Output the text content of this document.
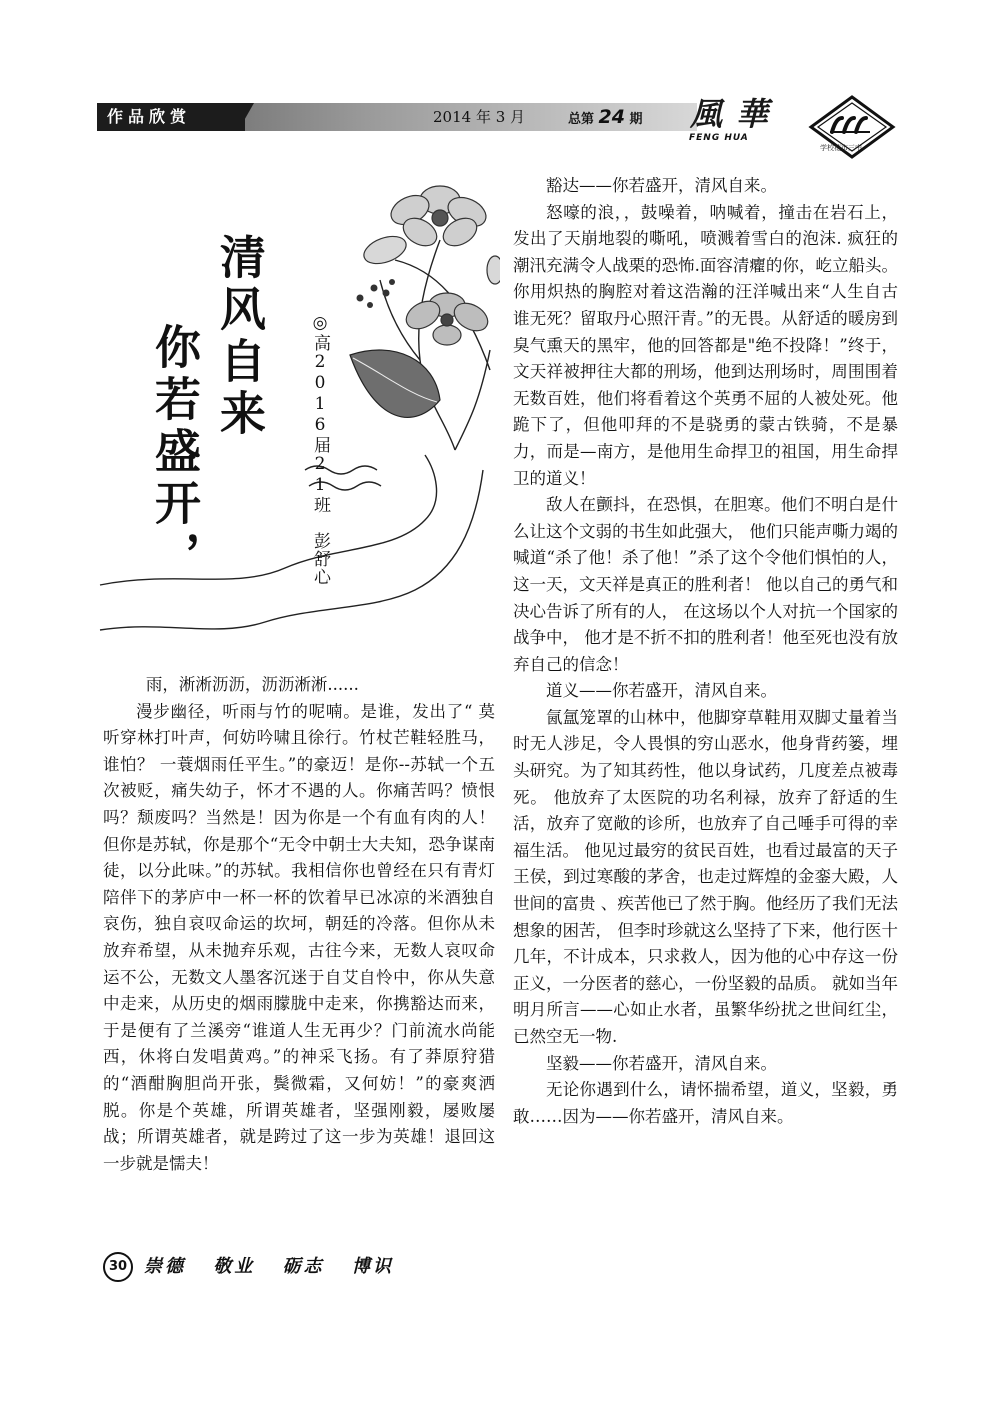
作品欣赏	2014 年 3 月	总第 24 期 風華
FENG HUA
学校花市三中
清风自来
你若盛开，	◎高2016届21班　彭舒心

雨，淅淅沥沥，沥沥淅淅......

漫步幽径，听雨与竹的呢喃。是谁，发出了“ 莫听穿林打叶声，何妨吟啸且徐行。竹杖芒鞋轻胜马，谁怕？ 一蓑烟雨任平生。”的豪迈！是你--苏轼一个五次被贬，痛失幼子，怀才不遇的人。你痛苦吗？愤恨吗？颓废吗？当然是！因为你是一个有血有肉的人！但你是苏轼，你是那个“无令中朝士大夫知，恐争谋南徒，以分此味。”的苏轼。我相信你也曾经在只有青灯陪伴下的茅庐中一杯一杯的饮着早已冰凉的米酒独自哀伤，独自哀叹命运的坎坷，朝廷的冷落。但你从未放弃希望，从未抛弃乐观，古往今来，无数人哀叹命运不公，无数文人墨客沉迷于自艾自怜中，你从失意中走来，从历史的烟雨朦胧中走来，你携豁达而来，于是便有了兰溪旁“谁道人生无再少？门前流水尚能西，休将白发唱黄鸡。”的神采飞扬。有了莽原狩猎的“酒酣胸胆尚开张，鬓微霜，又何妨！”的豪爽洒脱。你是个英雄，所谓英雄者，坚强刚毅，屡败屡战；所谓英雄者，就是跨过了这一步为英雄！退回这一步就是懦夫！

豁达——你若盛开，清风自来。

怒嚎的浪，，鼓噪着，呐喊着，撞击在岩石上，发出了天崩地裂的嘶吼，喷溅着雪白的泡沫. 疯狂的潮汛充满令人战栗的恐怖.面容清癯的你，屹立船头。你用炽热的胸腔对着这浩瀚的汪洋喊出来“人生自古谁无死？留取丹心照汗青。”的无畏。从舒适的暖房到臭气熏天的黑牢，他的回答都是"绝不投降！”终于，文天祥被押往大都的刑场，他到达刑场时，周围围着无数百姓，他们将看着这个英勇不屈的人被处死。他跪下了，但他叩拜的不是骁勇的蒙古铁骑，不是暴力，而是—南方，是他用生命捍卫的祖国，用生命捍卫的道义！

敌人在颤抖，在恐惧，在胆寒。他们不明白是什么让这个文弱的书生如此强大， 他们只能声嘶力竭的喊道“杀了他！杀了他！”杀了这个令他们惧怕的人，这一天，文天祥是真正的胜利者！ 他以自己的勇气和决心告诉了所有的人， 在这场以个人对抗一个国家的战争中， 他才是不折不扣的胜利者！他至死也没有放弃自己的信念！

道义——你若盛开，清风自来。

氤氲笼罩的山林中，他脚穿草鞋用双脚丈量着当时无人涉足，令人畏惧的穷山恶水，他身背药篓，埋头研究。为了知其药性，他以身试药，几度差点被毒死。 他放弃了太医院的功名利禄，放弃了舒适的生活，放弃了宽敞的诊所，也放弃了自己唾手可得的幸福生活。 他见过最穷的贫民百姓，也看过最富的天子王侯，到过寒酸的茅舍，也走过辉煌的金銮大殿，人世间的富贵 、疾苦他已了然于胸。他经历了我们无法想象的困苦， 但李时珍就这么坚持了下来，他行医十几年，不计成本，只求救人，因为他的心中存这一份正义，一分医者的慈心，一份坚毅的品质。 就如当年明月所言——心如止水者，虽繁华纷扰之世间红尘，已然空无一物.

坚毅——你若盛开，清风自来。

无论你遇到什么，请怀揣希望，道义，坚毅，勇敢……因为——你若盛开，清风自来。

30 崇德 敬业 砺志 博识
